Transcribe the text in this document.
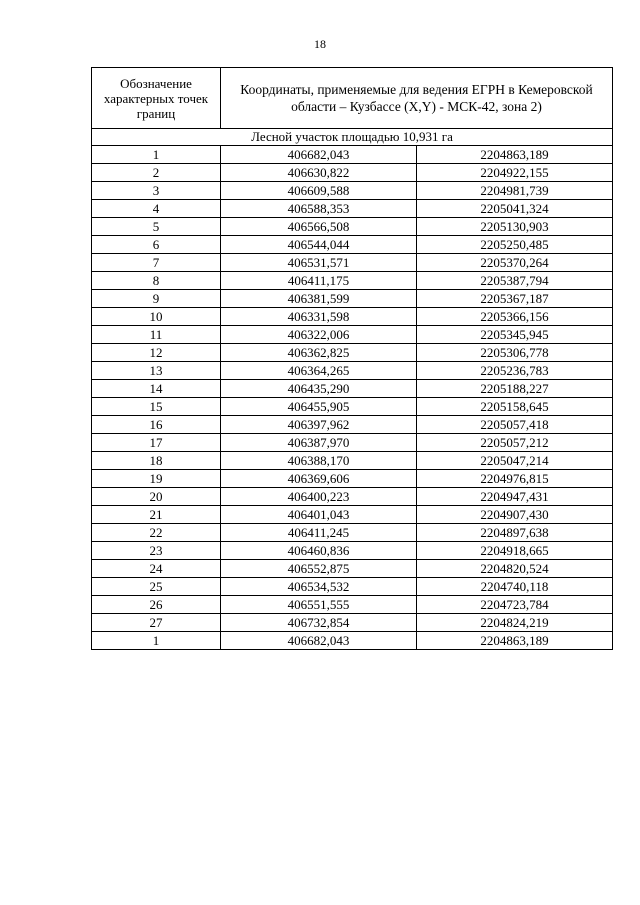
18
Обозначение характерных точек границ	Координаты, применяемые для ведения ЕГРН в Кемеровской области – Кузбассе (X,Y) - МСК-42, зона 2)	
Лесной участок площадью 10,931 га		
1	406682,043	2204863,189
2	406630,822	2204922,155
3	406609,588	2204981,739
4	406588,353	2205041,324
5	406566,508	2205130,903
6	406544,044	2205250,485
7	406531,571	2205370,264
8	406411,175	2205387,794
9	406381,599	2205367,187
10	406331,598	2205366,156
11	406322,006	2205345,945
12	406362,825	2205306,778
13	406364,265	2205236,783
14	406435,290	2205188,227
15	406455,905	2205158,645
16	406397,962	2205057,418
17	406387,970	2205057,212
18	406388,170	2205047,214
19	406369,606	2204976,815
20	406400,223	2204947,431
21	406401,043	2204907,430
22	406411,245	2204897,638
23	406460,836	2204918,665
24	406552,875	2204820,524
25	406534,532	2204740,118
26	406551,555	2204723,784
27	406732,854	2204824,219
1	406682,043	2204863,189
